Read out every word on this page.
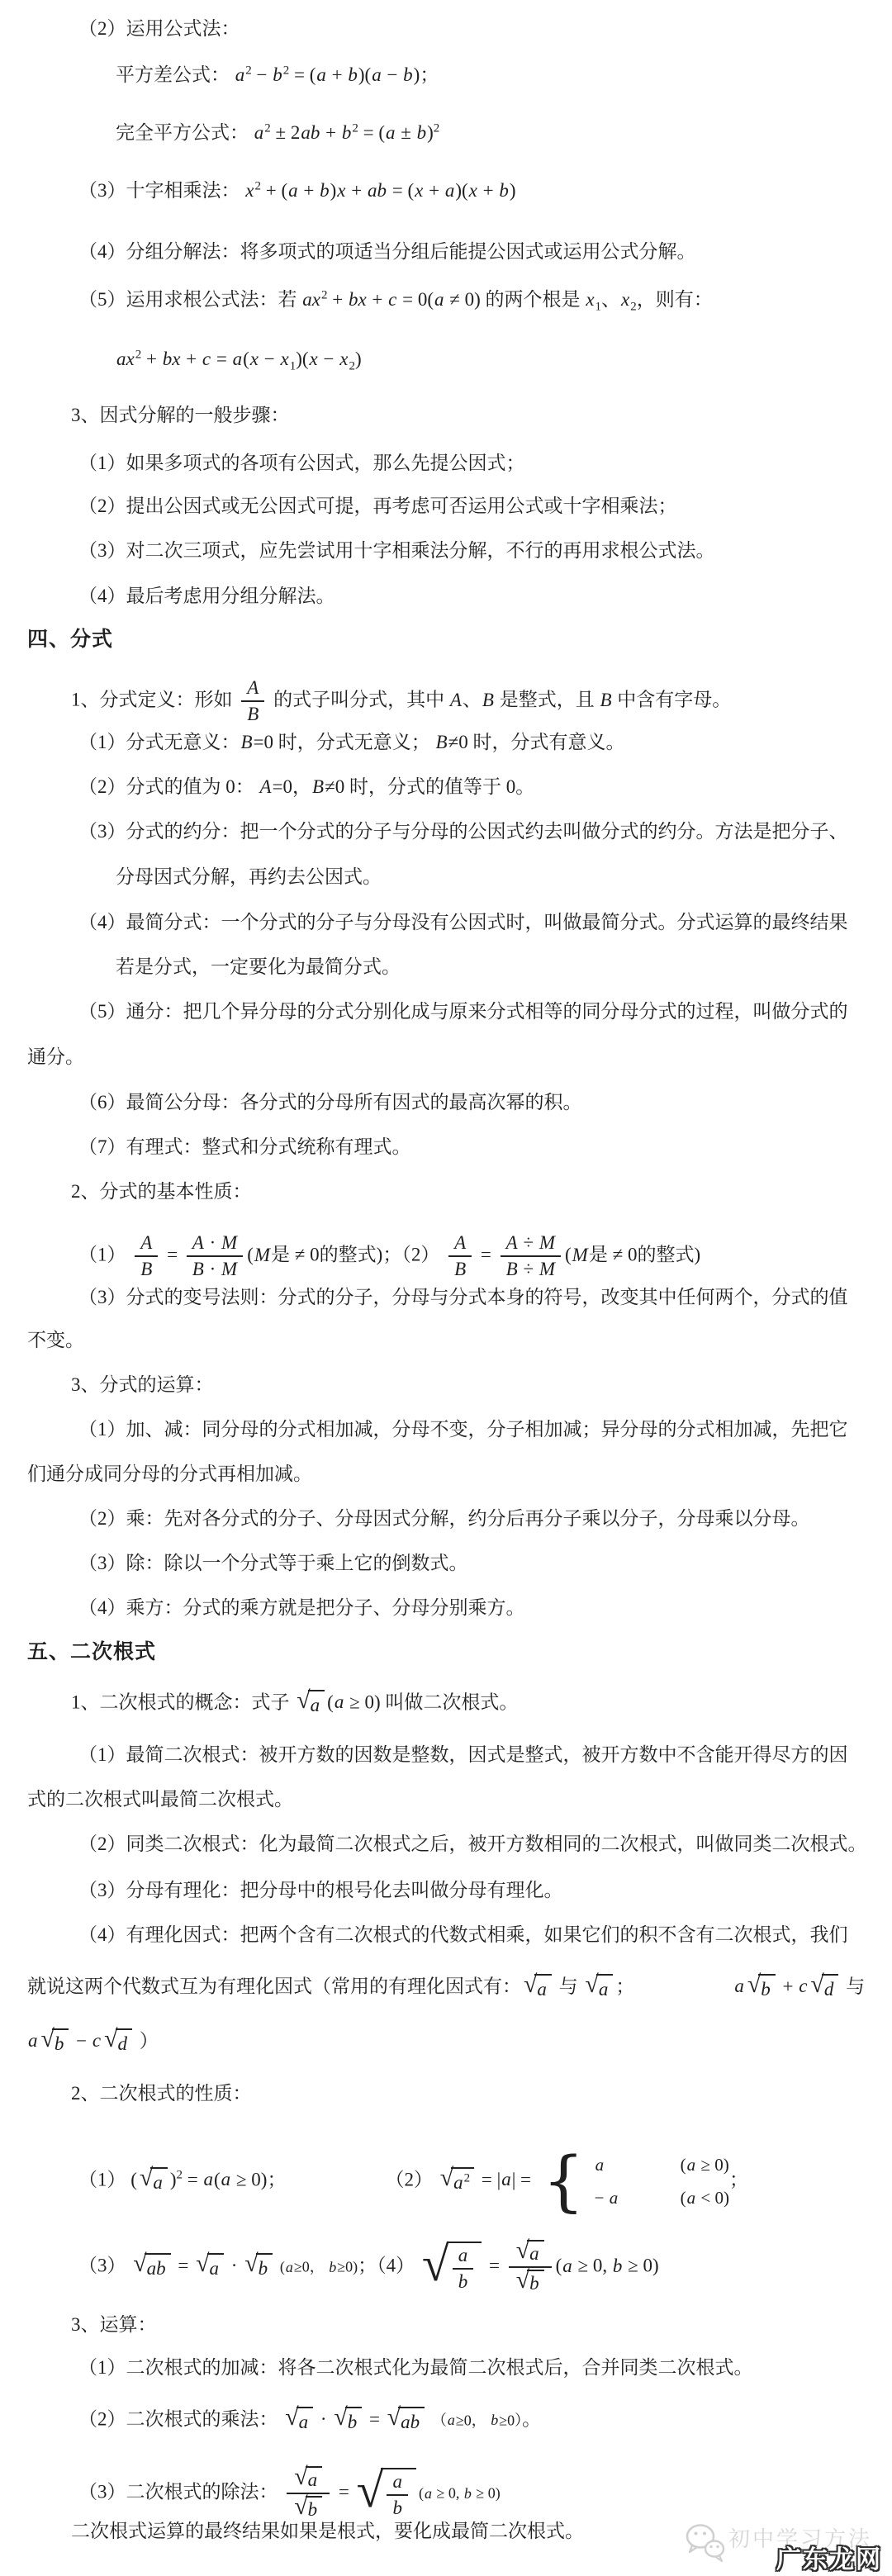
（2）运用公式法：
平方差公式： $a^2 - b^2 = (a + b)(a - b)$；
完全平方公式： $a^2 \pm 2ab + b^2 = (a \pm b)^2$
（3）十字相乘法： $x^2 + (a + b)x$ + ab = (x + a)(x + b)
（4）分组分解法：将多项式的项适当分组后能提公因式或运用公式分解。
（5）运用求根公式法：若 $ax^2$ + bx + c = 0(a ≠ 0) 的两个根是 $x_1$、$x_2$，则有：
$ax^2$ + bx + $c = a(x - x_1)(x - x_2)$
3、因式分解的一般步骤：
（1）如果多项式的各项有公因式，那么先提公因式；
（2）提出公因式或无公因式可提，再考虑可否运用公式或十字相乘法；
（3）对二次三项式，应先尝试用十字相乘法分解，不行的再用求根公式法。
（4）最后考虑用分组分解法。
四、分式
1、分式定义：形如 $\frac{A}{B}$ 的式子叫分式，其中 A、B 是整式，且 B 中含有字母。
（1）分式无意义：B=0 时，分式无意义； B≠0 时，分式有意义。
（2）分式的值为 0： A=0，B≠0 时，分式的值等于 0。
（3）分式的约分：把一个分式的分子与分母的公因式约去叫做分式的约分。方法是把分子、
分母因式分解，再约去公因式。
（4）最简分式：一个分式的分子与分母没有公因式时，叫做最简分式。分式运算的最终结果
若是分式，一定要化为最简分式。
（5）通分：把几个异分母的分式分别化成与原来分式相等的同分母分式的过程，叫做分式的
通分。
（6）最简公分母：各分式的分母所有因式的最高次幂的积。
（7）有理式：整式和分式统称有理式。
2、分式的基本性质：
$(1) \frac{A}{B} = \frac{A \cdot M}{B \cdot M} (M$是 ≠ 0的整式)；$(2) \frac{A}{B} = \frac{A \div M}{B \div M} (M$是 ≠ 0的整式)
（3）分式的变号法则：分式的分子，分母与分式本身的符号，改变其中任何两个，分式的值
不变。
3、分式的运算：
（1）加、减：同分母的分式相加减，分母不变，分子相加减；异分母的分式相加减，先把它
们通分成同分母的分式再相加减。
（2）乘：先对各分式的分子、分母因式分解，约分后再分子乘以分子，分母乘以分母。
（3）除：除以一个分式等于乘上它的倒数式。
（4）乘方：分式的乘方就是把分子、分母分别乘方。
五、二次根式
1、二次根式的概念：式子 √a (a ≥ 0) 叫做二次根式。
（1）最简二次根式：被开方数的因数是整数，因式是整式，被开方数中不含能开得尽方的因
式的二次根式叫最简二次根式。
（2）同类二次根式：化为最简二次根式之后，被开方数相同的二次根式，叫做同类二次根式。
（3）分母有理化：把分母中的根号化去叫做分母有理化。
（4）有理化因式：把两个含有二次根式的代数式相乘，如果它们的积不含有二次根式，我们
就说这两个代数式互为有理化因式（常用的有理化因式有： √a 与 √a ；	a √b + c √d 与
a √b − c √d ）
2、二次根式的性质：
（1） ( √a )$^2$ = a(a ≥ 0)；	（2） $√a^2 = |a|$ = { a	(a ≥ 0)
− a	(a < 0)
；
（3） √ab = √a · √b (a≥0， b≥0)；（4） √ $\frac{a}{b} = \frac{√a}{√b} (a \ge 0$, b ≥ 0)
3、运算：
（1）二次根式的加减：将各二次根式化为最简二次根式后，合并同类二次根式。
（2）二次根式的乘法： √a · √b = √ab （a≥0， b≥0）。
（3）二次根式的除法： $\frac{√a}{√b}$ = √ $\frac{a}{b} (a \ge 0$, b ≥ 0)
二次根式运算的最终结果如果是根式，要化成最简二次根式。	初中学习方法
广东龙网
